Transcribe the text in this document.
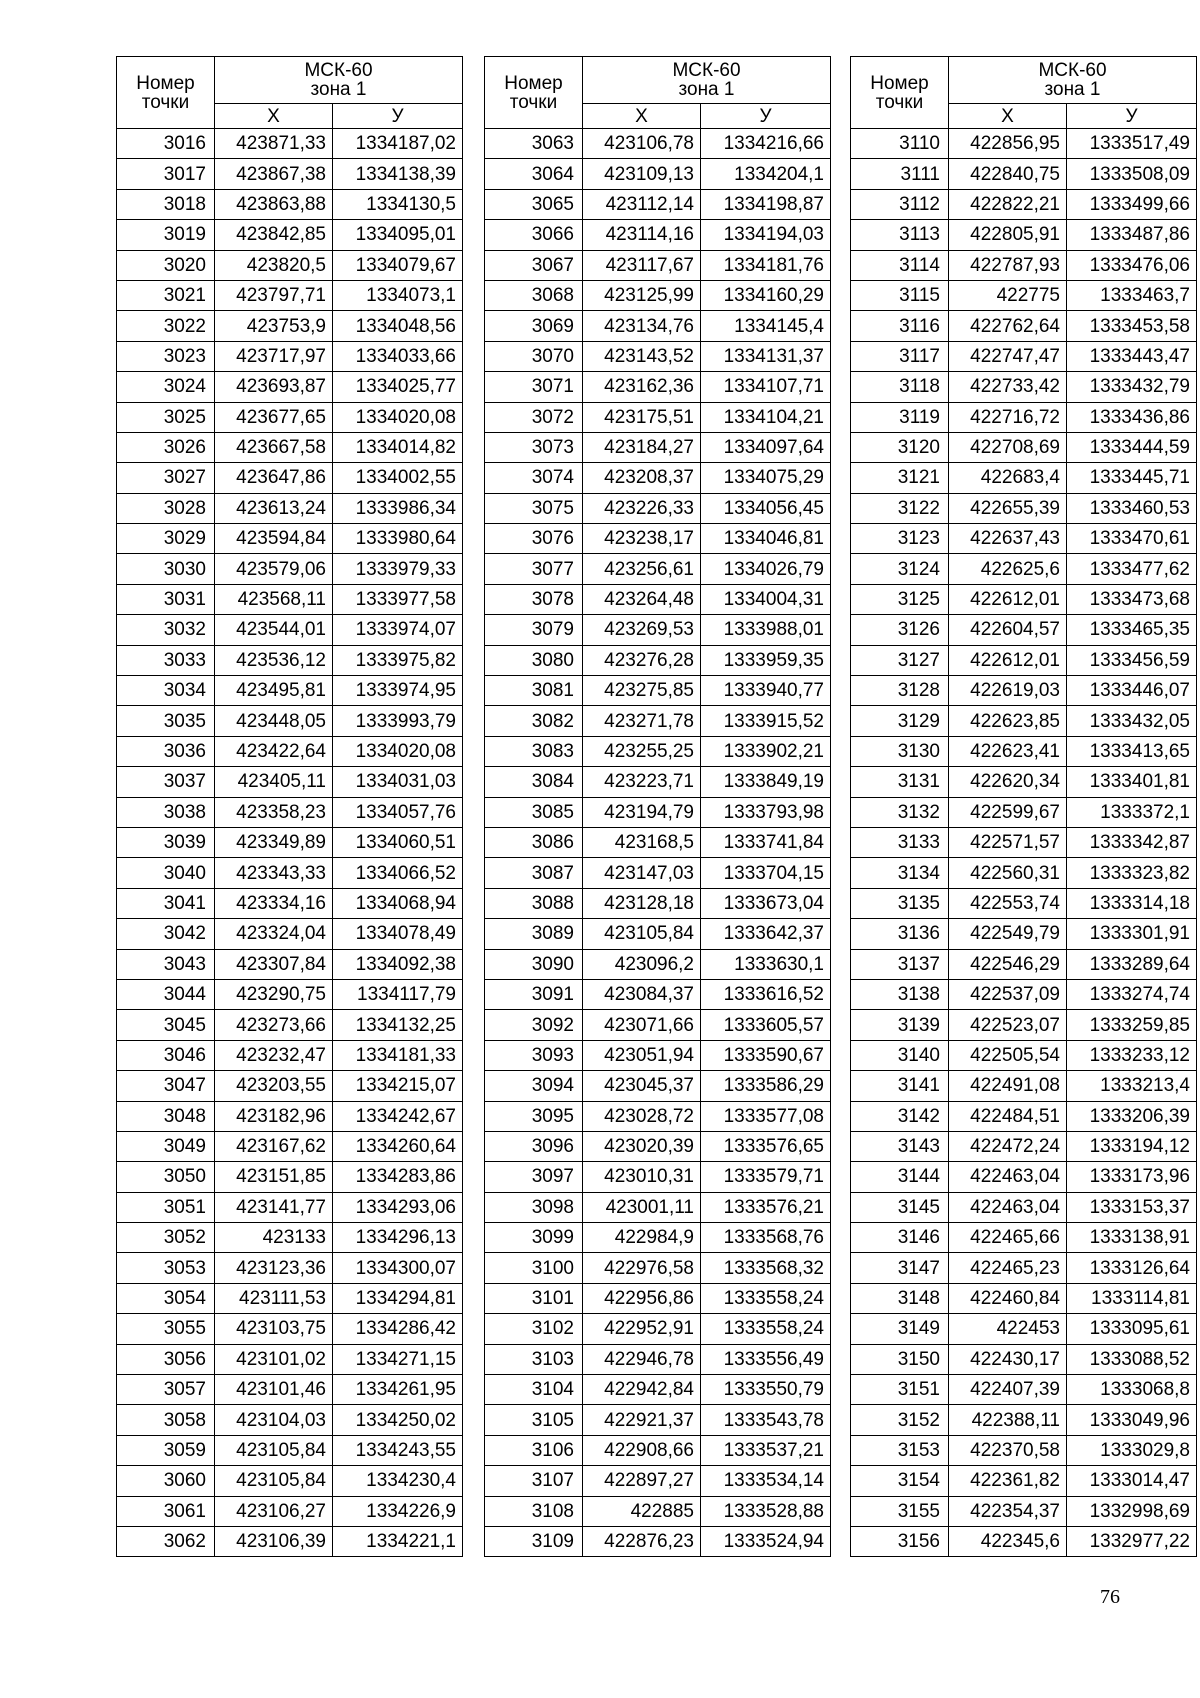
Номер
точки	МСК-60
зона 1	
	X	У
3016	423871,33	1334187,02
3017	423867,38	1334138,39
3018	423863,88	1334130,5
3019	423842,85	1334095,01
3020	423820,5	1334079,67
3021	423797,71	1334073,1
3022	423753,9	1334048,56
3023	423717,97	1334033,66
3024	423693,87	1334025,77
3025	423677,65	1334020,08
3026	423667,58	1334014,82
3027	423647,86	1334002,55
3028	423613,24	1333986,34
3029	423594,84	1333980,64
3030	423579,06	1333979,33
3031	423568,11	1333977,58
3032	423544,01	1333974,07
3033	423536,12	1333975,82
3034	423495,81	1333974,95
3035	423448,05	1333993,79
3036	423422,64	1334020,08
3037	423405,11	1334031,03
3038	423358,23	1334057,76
3039	423349,89	1334060,51
3040	423343,33	1334066,52
3041	423334,16	1334068,94
3042	423324,04	1334078,49
3043	423307,84	1334092,38
3044	423290,75	1334117,79
3045	423273,66	1334132,25
3046	423232,47	1334181,33
3047	423203,55	1334215,07
3048	423182,96	1334242,67
3049	423167,62	1334260,64
3050	423151,85	1334283,86
3051	423141,77	1334293,06
3052	423133	1334296,13
3053	423123,36	1334300,07
3054	423111,53	1334294,81
3055	423103,75	1334286,42
3056	423101,02	1334271,15
3057	423101,46	1334261,95
3058	423104,03	1334250,02
3059	423105,84	1334243,55
3060	423105,84	1334230,4
3061	423106,27	1334226,9
3062	423106,39	1334221,1
Номер
точки	МСК-60
зона 1	
	X	У
3063	423106,78	1334216,66
3064	423109,13	1334204,1
3065	423112,14	1334198,87
3066	423114,16	1334194,03
3067	423117,67	1334181,76
3068	423125,99	1334160,29
3069	423134,76	1334145,4
3070	423143,52	1334131,37
3071	423162,36	1334107,71
3072	423175,51	1334104,21
3073	423184,27	1334097,64
3074	423208,37	1334075,29
3075	423226,33	1334056,45
3076	423238,17	1334046,81
3077	423256,61	1334026,79
3078	423264,48	1334004,31
3079	423269,53	1333988,01
3080	423276,28	1333959,35
3081	423275,85	1333940,77
3082	423271,78	1333915,52
3083	423255,25	1333902,21
3084	423223,71	1333849,19
3085	423194,79	1333793,98
3086	423168,5	1333741,84
3087	423147,03	1333704,15
3088	423128,18	1333673,04
3089	423105,84	1333642,37
3090	423096,2	1333630,1
3091	423084,37	1333616,52
3092	423071,66	1333605,57
3093	423051,94	1333590,67
3094	423045,37	1333586,29
3095	423028,72	1333577,08
3096	423020,39	1333576,65
3097	423010,31	1333579,71
3098	423001,11	1333576,21
3099	422984,9	1333568,76
3100	422976,58	1333568,32
3101	422956,86	1333558,24
3102	422952,91	1333558,24
3103	422946,78	1333556,49
3104	422942,84	1333550,79
3105	422921,37	1333543,78
3106	422908,66	1333537,21
3107	422897,27	1333534,14
3108	422885	1333528,88
3109	422876,23	1333524,94
Номер
точки	МСК-60
зона 1	
	X	У
3110	422856,95	1333517,49
3111	422840,75	1333508,09
3112	422822,21	1333499,66
3113	422805,91	1333487,86
3114	422787,93	1333476,06
3115	422775	1333463,7
3116	422762,64	1333453,58
3117	422747,47	1333443,47
3118	422733,42	1333432,79
3119	422716,72	1333436,86
3120	422708,69	1333444,59
3121	422683,4	1333445,71
3122	422655,39	1333460,53
3123	422637,43	1333470,61
3124	422625,6	1333477,62
3125	422612,01	1333473,68
3126	422604,57	1333465,35
3127	422612,01	1333456,59
3128	422619,03	1333446,07
3129	422623,85	1333432,05
3130	422623,41	1333413,65
3131	422620,34	1333401,81
3132	422599,67	1333372,1
3133	422571,57	1333342,87
3134	422560,31	1333323,82
3135	422553,74	1333314,18
3136	422549,79	1333301,91
3137	422546,29	1333289,64
3138	422537,09	1333274,74
3139	422523,07	1333259,85
3140	422505,54	1333233,12
3141	422491,08	1333213,4
3142	422484,51	1333206,39
3143	422472,24	1333194,12
3144	422463,04	1333173,96
3145	422463,04	1333153,37
3146	422465,66	1333138,91
3147	422465,23	1333126,64
3148	422460,84	1333114,81
3149	422453	1333095,61
3150	422430,17	1333088,52
3151	422407,39	1333068,8
3152	422388,11	1333049,96
3153	422370,58	1333029,8
3154	422361,82	1333014,47
3155	422354,37	1332998,69
3156	422345,6	1332977,22
76
